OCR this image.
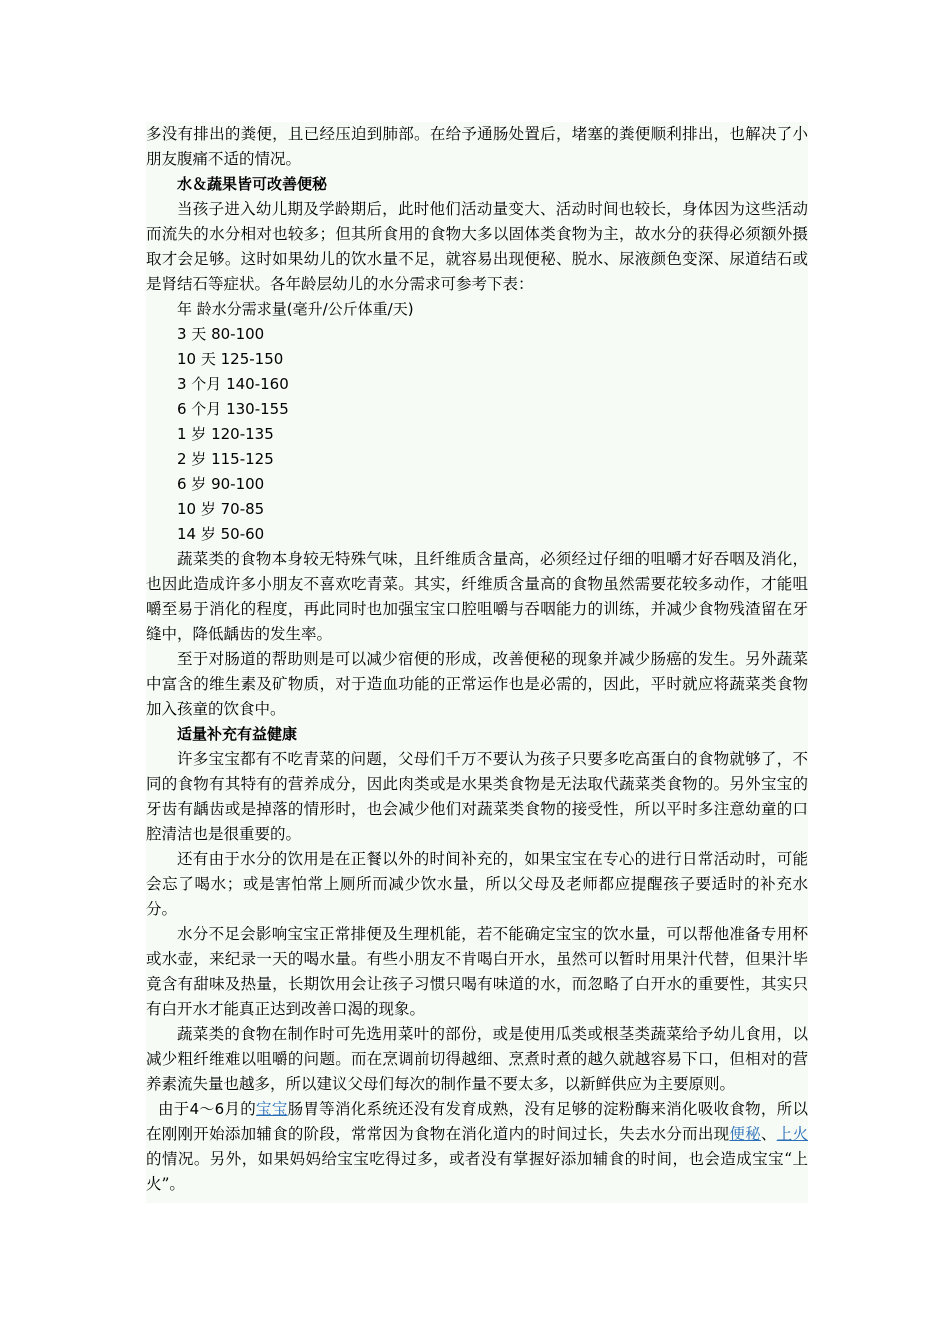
多没有排出的粪便，且已经压迫到肺部。在给予通肠处置后，堵塞的粪便顺利排出，也解决了小朋友腹痛不适的情况。

水＆蔬果皆可改善便秘

当孩子进入幼儿期及学龄期后，此时他们活动量变大、活动时间也较长，身体因为这些活动而流失的水分相对也较多；但其所食用的食物大多以固体类食物为主，故水分的获得必须额外摄取才会足够。这时如果幼儿的饮水量不足，就容易出现便秘、脱水、尿液颜色变深、尿道结石或是肾结石等症状。各年龄层幼儿的水分需求可参考下表：

年 龄水分需求量(毫升/公斤体重/天)

3 天 80-100

10 天 125-150

3 个月 140-160

6 个月 130-155

1 岁 120-135

2 岁 115-125

6 岁 90-100

10 岁 70-85

14 岁 50-60

蔬菜类的食物本身较无特殊气味，且纤维质含量高，必须经过仔细的咀嚼才好吞咽及消化，也因此造成许多小朋友不喜欢吃青菜。其实，纤维质含量高的食物虽然需要花较多动作，才能咀嚼至易于消化的程度，再此同时也加强宝宝口腔咀嚼与吞咽能力的训练，并减少食物残渣留在牙缝中，降低龋齿的发生率。

至于对肠道的帮助则是可以减少宿便的形成，改善便秘的现象并减少肠癌的发生。另外蔬菜中富含的维生素及矿物质，对于造血功能的正常运作也是必需的，因此，平时就应将蔬菜类食物加入孩童的饮食中。

适量补充有益健康

许多宝宝都有不吃青菜的问题，父母们千万不要认为孩子只要多吃高蛋白的食物就够了，不同的食物有其特有的营养成分，因此肉类或是水果类食物是无法取代蔬菜类食物的。另外宝宝的牙齿有龋齿或是掉落的情形时，也会减少他们对蔬菜类食物的接受性，所以平时多注意幼童的口腔清洁也是很重要的。

还有由于水分的饮用是在正餐以外的时间补充的，如果宝宝在专心的进行日常活动时，可能会忘了喝水；或是害怕常上厕所而减少饮水量，所以父母及老师都应提醒孩子要适时的补充水分。

水分不足会影响宝宝正常排便及生理机能，若不能确定宝宝的饮水量，可以帮他准备专用杯或水壶，来纪录一天的喝水量。有些小朋友不肯喝白开水，虽然可以暂时用果汁代替，但果汁毕竟含有甜味及热量，长期饮用会让孩子习惯只喝有味道的水，而忽略了白开水的重要性，其实只有白开水才能真正达到改善口渴的现象。

蔬菜类的食物在制作时可先选用菜叶的部份，或是使用瓜类或根茎类蔬菜给予幼儿食用，以减少粗纤维难以咀嚼的问题。而在烹调前切得越细、烹煮时煮的越久就越容易下口，但相对的营养素流失量也越多，所以建议父母们每次的制作量不要太多，以新鲜供应为主要原则。

由于4～6月的宝宝肠胃等消化系统还没有发育成熟，没有足够的淀粉酶来消化吸收食物，所以在刚刚开始添加辅食的阶段，常常因为食物在消化道内的时间过长，失去水分而出现便秘、上火的情况。另外，如果妈妈给宝宝吃得过多，或者没有掌握好添加辅食的时间，也会造成宝宝“上火”。
